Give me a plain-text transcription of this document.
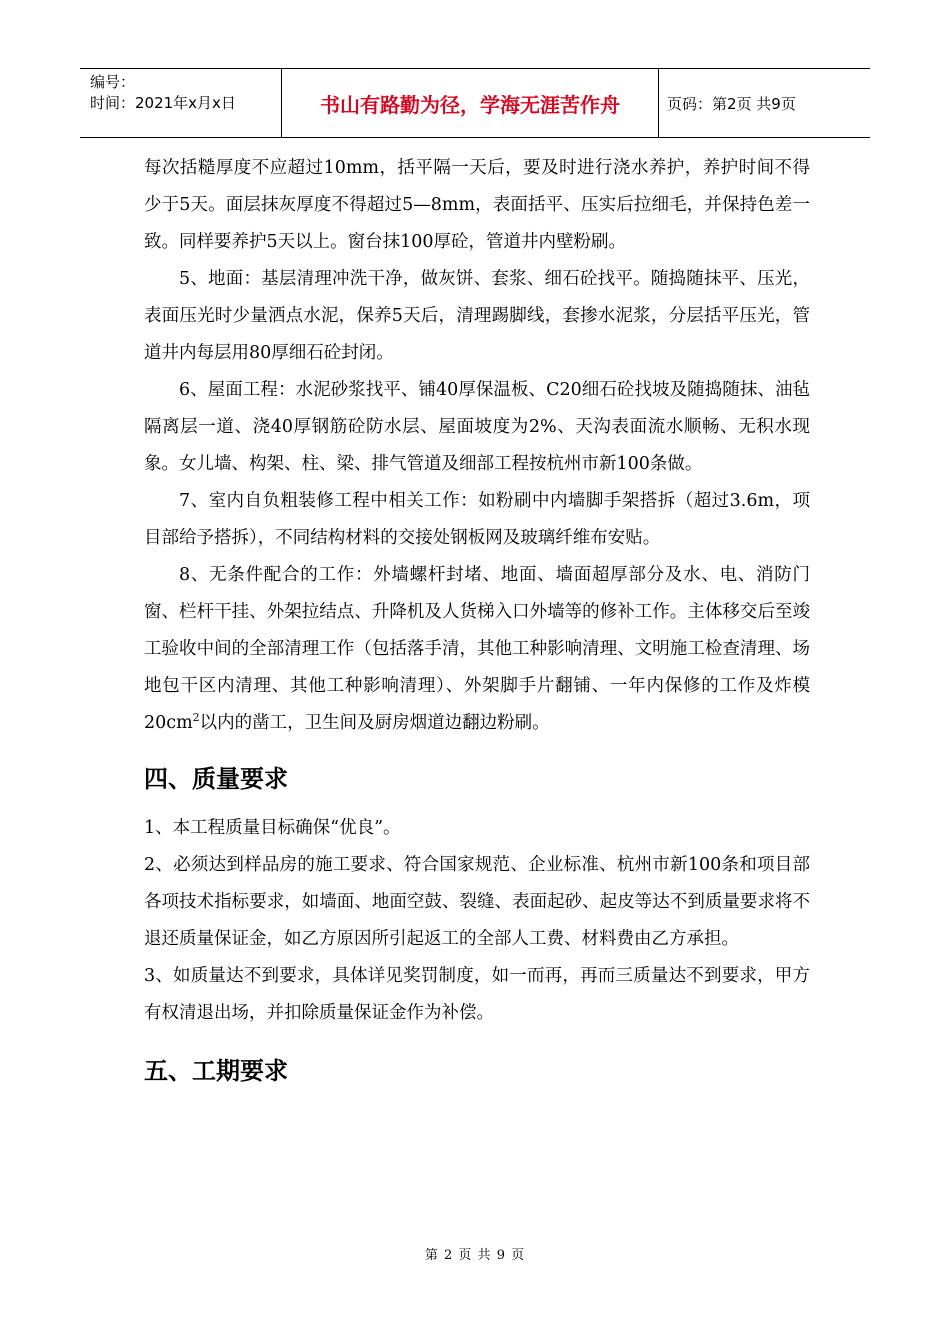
编号：
时间：2021年x月x日	书山有路勤为径，学海无涯苦作舟	页码：第2页 共9页

每次括糙厚度不应超过10mm，括平隔一天后，要及时进行浇水养护，养护时间不得少于5天。面层抹灰厚度不得超过5—8mm，表面括平、压实后拉细毛，并保持色差一致。同样要养护5天以上。窗台抹100厚砼，管道井内壁粉刷。

5、地面：基层清理冲洗干净，做灰饼、套浆、细石砼找平。随捣随抹平、压光，表面压光时少量洒点水泥，保养5天后，清理踢脚线，套掺水泥浆，分层括平压光，管道井内每层用80厚细石砼封闭。

6、屋面工程：水泥砂浆找平、铺40厚保温板、C20细石砼找坡及随捣随抹、油毡隔离层一道、浇40厚钢筋砼防水层、屋面坡度为2%、天沟表面流水顺畅、无积水现象。女儿墙、构架、柱、梁、排气管道及细部工程按杭州市新100条做。

7、室内自负粗装修工程中相关工作：如粉刷中内墙脚手架搭拆（超过3.6m，项目部给予搭拆），不同结构材料的交接处钢板网及玻璃纤维布安贴。

8、无条件配合的工作：外墙螺杆封堵、地面、墙面超厚部分及水、电、消防门窗、栏杆干挂、外架拉结点、升降机及人货梯入口外墙等的修补工作。主体移交后至竣工验收中间的全部清理工作（包括落手清，其他工种影响清理、文明施工检查清理、场地包干区内清理、其他工种影响清理）、外架脚手片翻铺、一年内保修的工作及炸模$20cm^2$以内的凿工，卫生间及厨房烟道边翻边粉刷。

四、质量要求

1、本工程质量目标确保“优良”。

2、必须达到样品房的施工要求、符合国家规范、企业标准、杭州市新100条和项目部各项技术指标要求，如墙面、地面空鼓、裂缝、表面起砂、起皮等达不到质量要求将不退还质量保证金，如乙方原因所引起返工的全部人工费、材料费由乙方承担。

3、如质量达不到要求，具体详见奖罚制度，如一而再，再而三质量达不到要求，甲方有权清退出场，并扣除质量保证金作为补偿。

五、工期要求
第 2 页 共 9 页
